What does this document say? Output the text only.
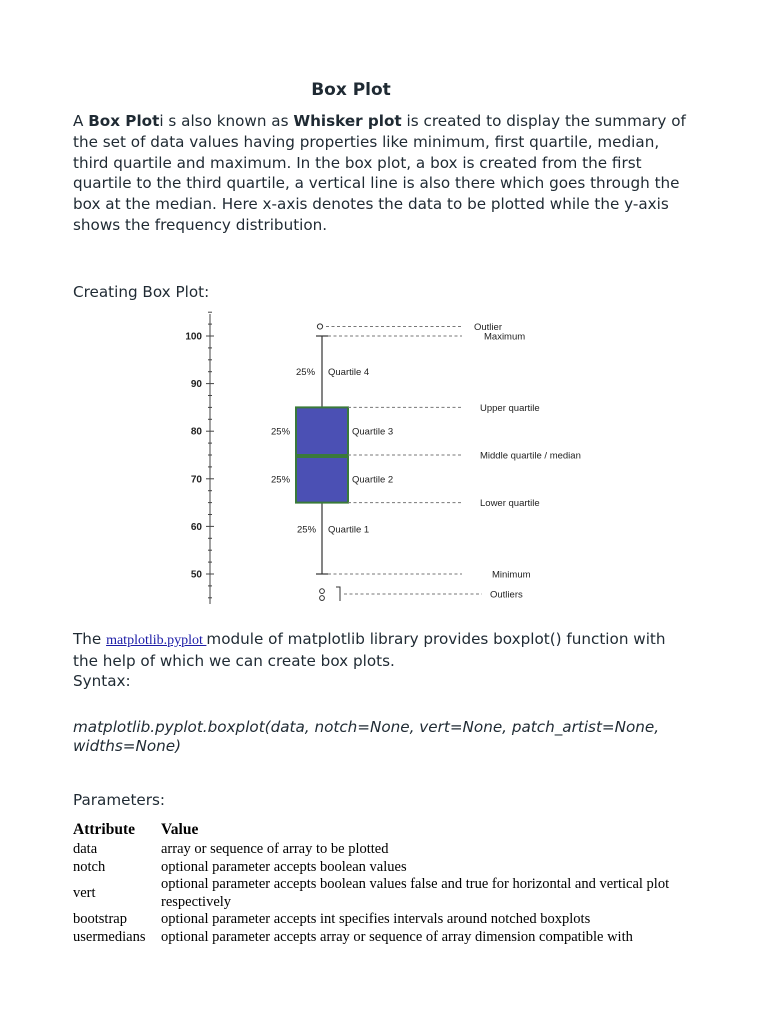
Box Plot

A Box Ploti s also known as Whisker plot is created to display the summary of the set of data values having properties like minimum, first quartile, median, third quartile and maximum. In the box plot, a box is created from the first quartile to the third quartile, a vertical line is also there which goes through the box at the median. Here x-axis denotes the data to be plotted while the y-axis shows the frequency distribution.

Creating Box Plot:

50
60
70
80
90
100
25% Quartile 4
25%	Quartile 3
25%	Quartile 2
25% Quartile 1
Outlier
Maximum
Upper quartile
Middle quartile / median
Lower quartile
Minimum
Outliers

The matplotlib.pyplot module of matplotlib library provides boxplot() function with the help of which we can create box plots.

Syntax:

matplotlib.pyplot.boxplot(data, notch=None, vert=None, patch_artist=None, widths=None)

Parameters:

Attribute	Value
data	array or sequence of array to be plotted
notch	optional parameter accepts boolean values
vert	optional parameter accepts boolean values false and true for horizontal and vertical plot respectively
bootstrap	optional parameter accepts int specifies intervals around notched boxplots
usermedians	optional parameter accepts array or sequence of array dimension compatible with
